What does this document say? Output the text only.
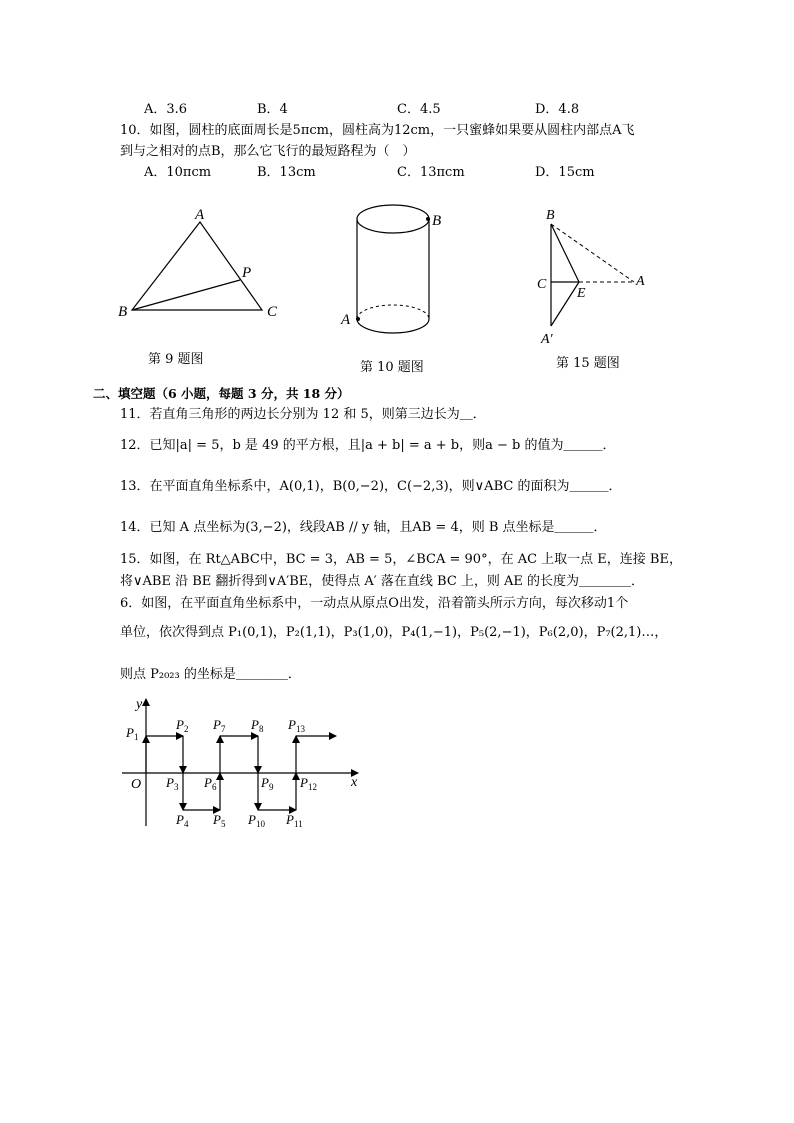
A．3.6	B．4	C．4.5	D．4.8
10．如图，圆柱的底面周长是5πcm，圆柱高为12cm，一只蜜蜂如果要从圆柱内部点A飞
到与之相对的点B，那么它飞行的最短路程为（　）
A．10πcm	B．13cm	C．13πcm	D．15cm
A
B	C
P
第 9 题图
B
A
第 10 题图
B
C
E
A
A′
第 15 题图
二、填空题（6 小题，每题 3 分，共 18 分）
11．若直角三角形的两边长分别为 12 和 5，则第三边长为＿．
12．已知|a| = 5，b 是 49 的平方根，且|a + b| = a + b，则a − b 的值为＿＿＿．
13．在平面直角坐标系中，A(0,1)，B(0,−2)，C(−2,3)，则∨ABC 的面积为＿＿＿．
14．已知 A 点坐标为(3,−2)，线段AB // y 轴，且AB = 4，则 B 点坐标是＿＿＿．
15．如图，在 Rt△ABC中，BC = 3，AB = 5，∠BCA = 90°，在 AC 上取一点 E，连接 BE，
将∨ABE 沿 BE 翻折得到∨A′BE，使得点 A′ 落在直线 BC 上，则 AE 的长度为＿＿＿＿．
6．如图，在平面直角坐标系中，一动点从原点O出发，沿着箭头所示方向，每次移动1个
单位，依次得到点 P₁(0,1)，P₂(1,1)，P₃(1,0)，P₄(1,−1)，P₅(2,−1)，P₆(2,0)，P₇(2,1)…，
则点 P₂₀₂₃ 的坐标是＿＿＿＿．
y
x
O
$P_1$
$P_2$
$P_3$
$P_4$ $P_5$
$P_6$
$P_7$ $P_8$
$P_9$
$P_{10}$ $P_{11}$
$P_{12}$
$P_{13}$
